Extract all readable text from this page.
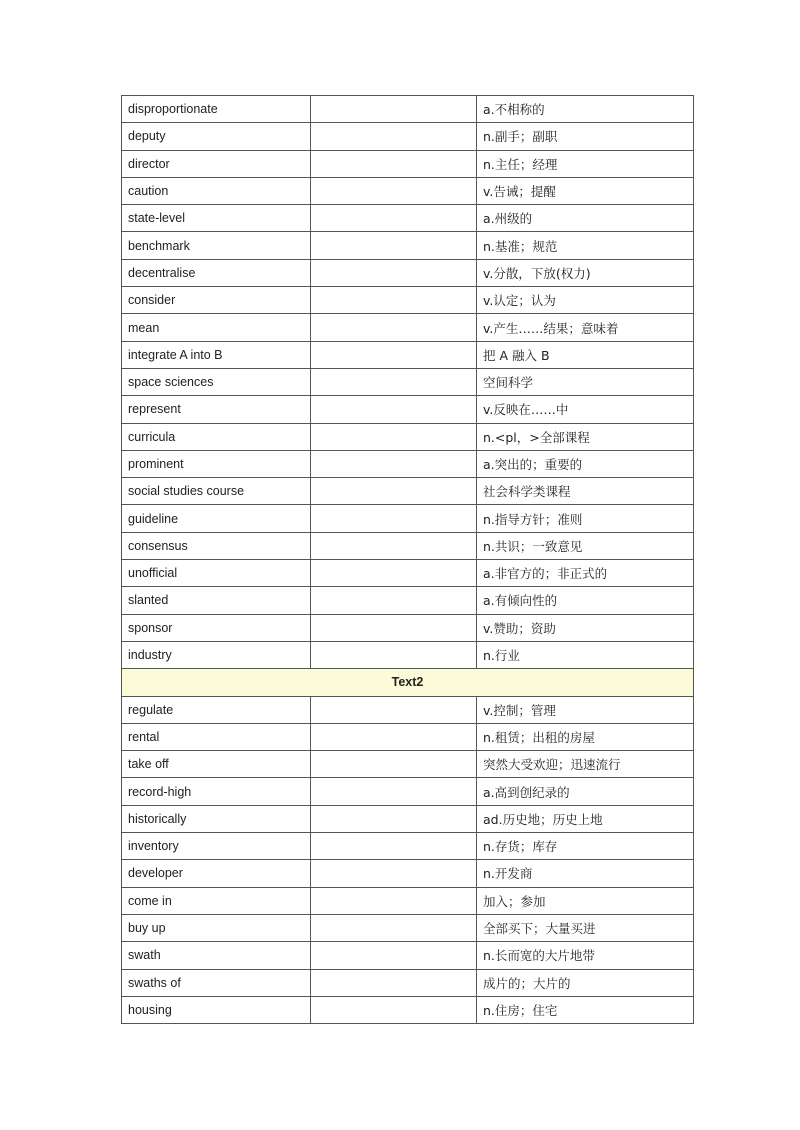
disproportionate		a.不相称的
deputy		n.副手；副职
director		n.主任；经理
caution		v.告诫；提醒
state-level		a.州级的
benchmark		n.基准；规范
decentralise		v.分散，下放(权力)
consider		v.认定；认为
mean		v.产生……结果；意味着
integrate A into B		把 A 融入 B
space sciences		空间科学
represent		v.反映在……中
curricula		n.<pl，>全部课程
prominent		a.突出的；重要的
social studies course		社会科学类课程
guideline		n.指导方针；准则
consensus		n.共识；一致意见
unofficial		a.非官方的；非正式的
slanted		a.有倾向性的
sponsor		v.赞助；资助
industry		n.行业
Text2		
regulate		v.控制；管理
rental		n.租赁；出租的房屋
take off		突然大受欢迎；迅速流行
record-high		a.高到创纪录的
historically		ad.历史地；历史上地
inventory		n.存货；库存
developer		n.开发商
come in		加入；参加
buy up		全部买下；大量买进
swath		n.长而宽的大片地带
swaths of		成片的；大片的
housing		n.住房；住宅
